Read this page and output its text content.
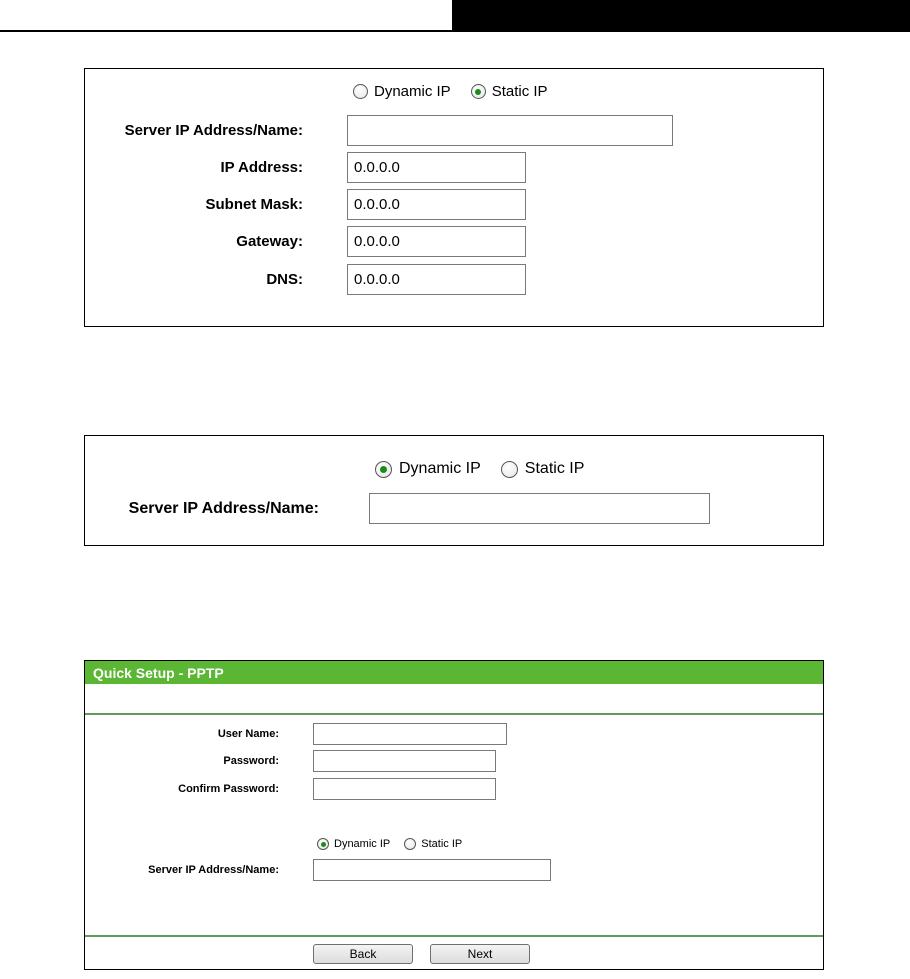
Dynamic IP	Static IP
Server IP Address/Name:
IP Address:	0.0.0.0
Subnet Mask:	0.0.0.0
Gateway:	0.0.0.0
DNS:	0.0.0.0
Dynamic IP	Static IP
Server IP Address/Name:
Quick Setup - PPTP
User Name:
Password:
Confirm Password:
Dynamic IP	Static IP
Server IP Address/Name:
Back	Next
